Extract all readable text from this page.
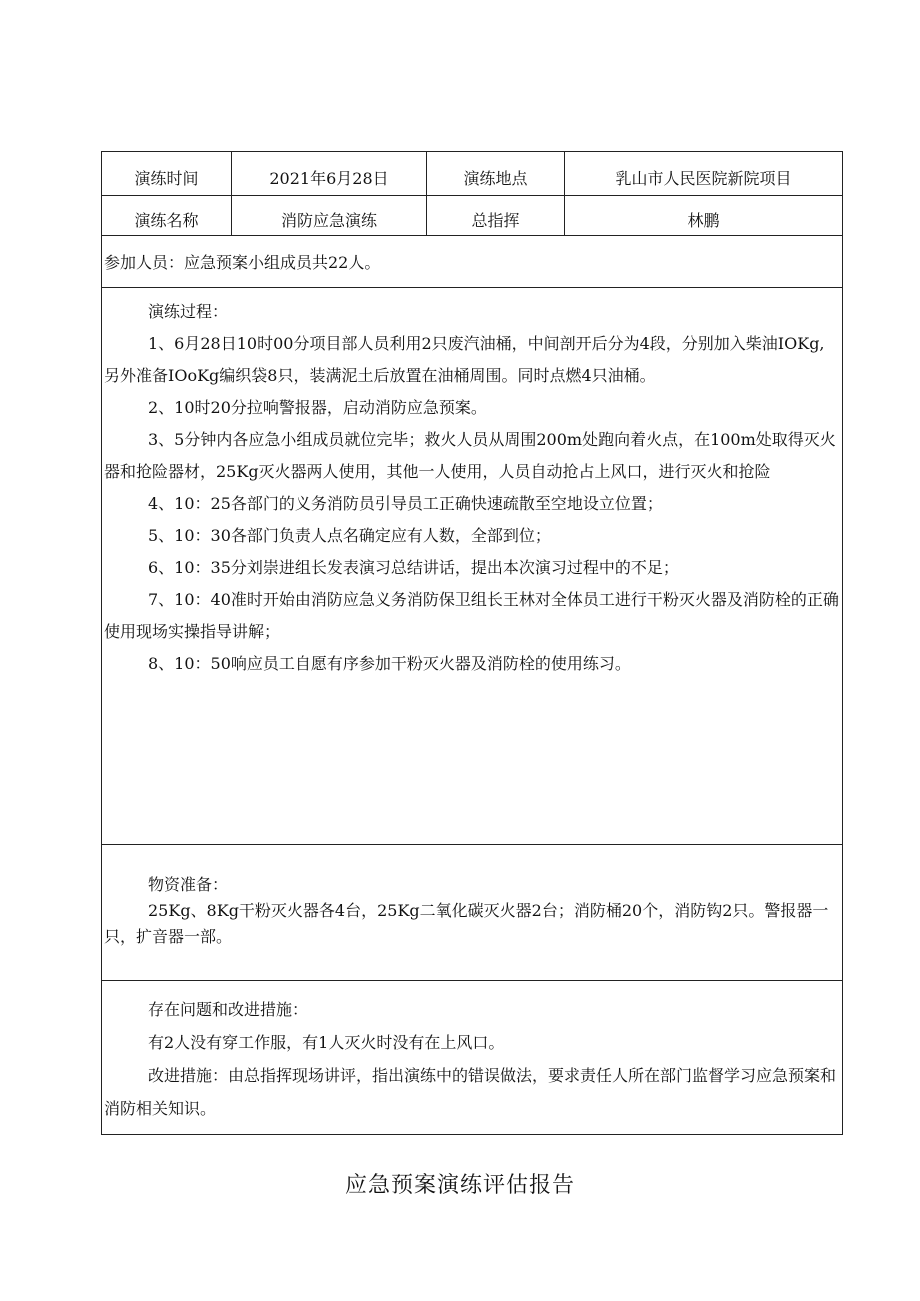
演练时间	2021年6月28日	演练地点	乳山市人民医院新院项目
演练名称	消防应急演练	总指挥	林鹏
参加人员：应急预案小组成员共22人。

演练过程：

1、6月28日10时00分项目部人员利用2只废汽油桶，中间剖开后分为4段，分别加入柴油IOKg,另外准备IOoKg编织袋8只，装满泥土后放置在油桶周围。同时点燃4只油桶。

2、10时20分拉响警报器，启动消防应急预案。

3、5分钟内各应急小组成员就位完毕；救火人员从周围200m处跑向着火点，在100m处取得灭火器和抢险器材，25Kg灭火器两人使用，其他一人使用，人员自动抢占上风口，进行灭火和抢险

4、10：25各部门的义务消防员引导员工正确快速疏散至空地设立位置；

5、10：30各部门负责人点名确定应有人数，全部到位；

6、10：35分刘崇进组长发表演习总结讲话，提出本次演习过程中的不足；

7、10：40准时开始由消防应急义务消防保卫组长王林对全体员工进行干粉灭火器及消防栓的正确使用现场实操指导讲解；

8、10：50响应员工自愿有序参加干粉灭火器及消防栓的使用练习。

物资准备：

25Kg、8Kg干粉灭火器各4台，25Kg二氧化碳灭火器2台；消防桶20个，消防钩2只。警报器一只，扩音器一部。

存在问题和改进措施：

有2人没有穿工作服，有1人灭火时没有在上风口。

改进措施：由总指挥现场讲评，指出演练中的错误做法，要求责任人所在部门监督学习应急预案和消防相关知识。

应急预案演练评估报告
